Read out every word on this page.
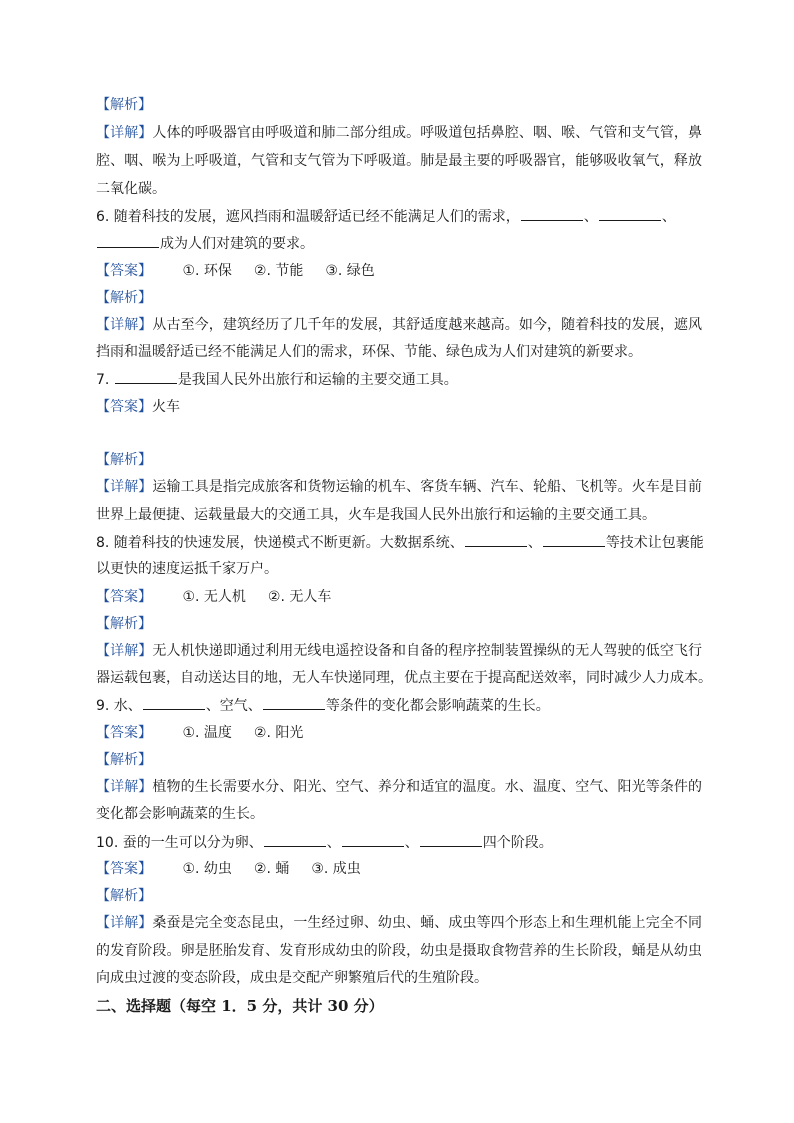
【解析】
【详解】人体的呼吸器官由呼吸道和肺二部分组成。呼吸道包括鼻腔、咽、喉、气管和支气管，鼻
腔、咽、喉为上呼吸道，气管和支气管为下呼吸道。肺是最主要的呼吸器官，能够吸收氧气，释放
二氧化碳。
6. 随着科技的发展，遮风挡雨和温暖舒适已经不能满足人们的需求，	、	、
成为人们对建筑的要求。
【答案】 ①. 环保 ②. 节能 ③. 绿色
【解析】
【详解】从古至今，建筑经历了几千年的发展，其舒适度越来越高。如今，随着科技的发展，遮风
挡雨和温暖舒适已经不能满足人们的需求，环保、节能、绿色成为人们对建筑的新要求。
7.	是我国人民外出旅行和运输的主要交通工具。
【答案】火车
【解析】
【详解】运输工具是指完成旅客和货物运输的机车、客货车辆、汽车、轮船、飞机等。火车是目前
世界上最便捷、运载量最大的交通工具，火车是我国人民外出旅行和运输的主要交通工具。
8. 随着科技的快速发展，快递模式不断更新。大数据系统、	、	等技术让包裹能
以更快的速度运抵千家万户。
【答案】 ①. 无人机 ②. 无人车
【解析】
【详解】无人机快递即通过利用无线电遥控设备和自备的程序控制装置操纵的无人驾驶的低空飞行
器运载包裹，自动送达目的地，无人车快递同理，优点主要在于提高配送效率，同时减少人力成本。
9. 水、	、空气、	等条件的变化都会影响蔬菜的生长。
【答案】 ①. 温度 ②. 阳光
【解析】
【详解】植物的生长需要水分、阳光、空气、养分和适宜的温度。水、温度、空气、阳光等条件的
变化都会影响蔬菜的生长。
10. 蚕的一生可以分为卵、	、	、	四个阶段。
【答案】 ①. 幼虫 ②. 蛹 ③. 成虫
【解析】
【详解】桑蚕是完全变态昆虫，一生经过卵、幼虫、蛹、成虫等四个形态上和生理机能上完全不同
的发育阶段。卵是胚胎发育、发育形成幼虫的阶段，幼虫是摄取食物营养的生长阶段，蛹是从幼虫
向成虫过渡的变态阶段，成虫是交配产卵繁殖后代的生殖阶段。
二、选择题（每空 1．5 分，共计 30 分）
